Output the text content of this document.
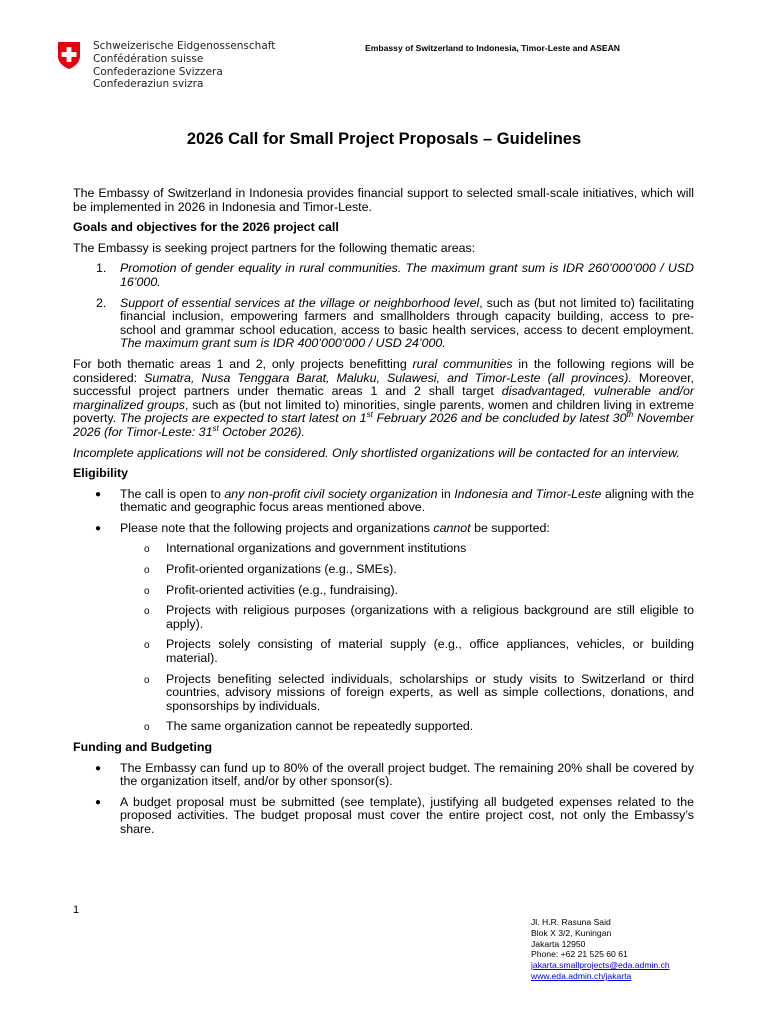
Schweizerische Eidgenossenschaft
Confédération suisse
Confederazione Svizzera
Confederaziun svizra
Embassy of Switzerland to Indonesia, Timor-Leste and ASEAN
2026 Call for Small Project Proposals – Guidelines

The Embassy of Switzerland in Indonesia provides financial support to selected small-scale initiatives, which will be implemented in 2026 in Indonesia and Timor-Leste.

Goals and objectives for the 2026 project call

The Embassy is seeking project partners for the following thematic areas:

1. Promotion of gender equality in rural communities. The maximum grant sum is IDR 260’000’000 / USD 16’000.
2. Support of essential services at the village or neighborhood level, such as (but not limited to) facilitating financial inclusion, empowering farmers and smallholders through capacity building, access to pre-school and grammar school education, access to basic health services, access to decent employment. The maximum grant sum is IDR 400’000’000 / USD 24’000.

For both thematic areas 1 and 2, only projects benefitting rural communities in the following regions will be considered: Sumatra, Nusa Tenggara Barat, Maluku, Sulawesi, and Timor-Leste (all provinces). Moreover, successful project partners under thematic areas 1 and 2 shall target disadvantaged, vulnerable and/or marginalized groups, such as (but not limited to) minorities, single parents, women and children living in extreme poverty. The projects are expected to start latest on 1st February 2026 and be concluded by latest 30th November 2026 (for Timor-Leste: 31st October 2026).

Incomplete applications will not be considered. Only shortlisted organizations will be contacted for an interview.

Eligibility
● The call is open to any non-profit civil society organization in Indonesia and Timor-Leste aligning with the thematic and geographic focus areas mentioned above.
● Please note that the following projects and organizations cannot be supported:
o International organizations and government institutions
o Profit-oriented organizations (e.g., SMEs).
o Profit-oriented activities (e.g., fundraising).
o Projects with religious purposes (organizations with a religious background are still eligible to apply).
o Projects solely consisting of material supply (e.g., office appliances, vehicles, or building material).
o Projects benefiting selected individuals, scholarships or study visits to Switzerland or third countries, advisory missions of foreign experts, as well as simple collections, donations, and sponsorships by individuals.
o The same organization cannot be repeatedly supported.
Funding and Budgeting
● The Embassy can fund up to 80% of the overall project budget. The remaining 20% shall be covered by the organization itself, and/or by other sponsor(s).
● A budget proposal must be submitted (see template), justifying all budgeted expenses related to the proposed activities. The budget proposal must cover the entire project cost, not only the Embassy’s share.
1
Jl. H.R. Rasuna Said
Blok X 3/2, Kuningan
Jakarta 12950
Phone: +62 21 525 60 61
jakarta.smallprojects@eda.admin.ch
www.eda.admin.ch/jakarta
